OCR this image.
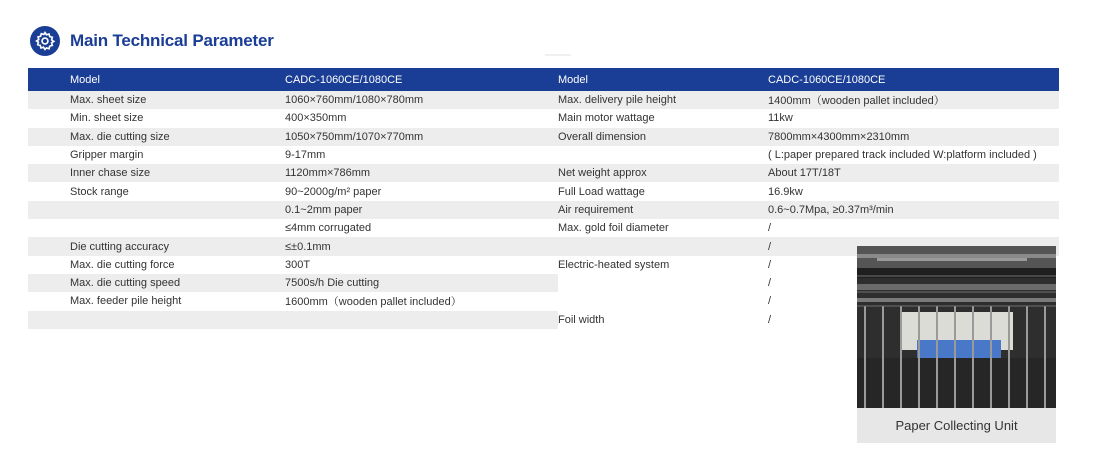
Main Technical Parameter
Model	CADC-1060CE/1080CE	Model	CADC-1060CE/1080CE
Max. sheet size	1060×760mm/1080×780mm	Max. delivery pile height	1400mm（wooden pallet included）
Min. sheet size	400×350mm	Main motor wattage	11kw
Max. die cutting size	1050×750mm/1070×770mm	Overall dimension	7800mm×4300mm×2310mm
Gripper margin	9-17mm		( L:paper prepared track included W:platform included )
Inner chase size	1120mm×786mm	Net weight approx	About 17T/18T
Stock range	90~2000g/m² paper	Full Load wattage	16.9kw
	0.1~2mm paper	Air requirement	0.6~0.7Mpa, ≥0.37m³/min
	≤4mm corrugated	Max. gold foil diameter	/
Die cutting accuracy	≤±0.1mm		/
Max. die cutting force	300T	Electric-heated system	/
Max. die cutting speed	7500s/h Die cutting		/
Max. feeder pile height	1600mm（wooden pallet included）		/
		Foil width	/
Paper Collecting Unit
